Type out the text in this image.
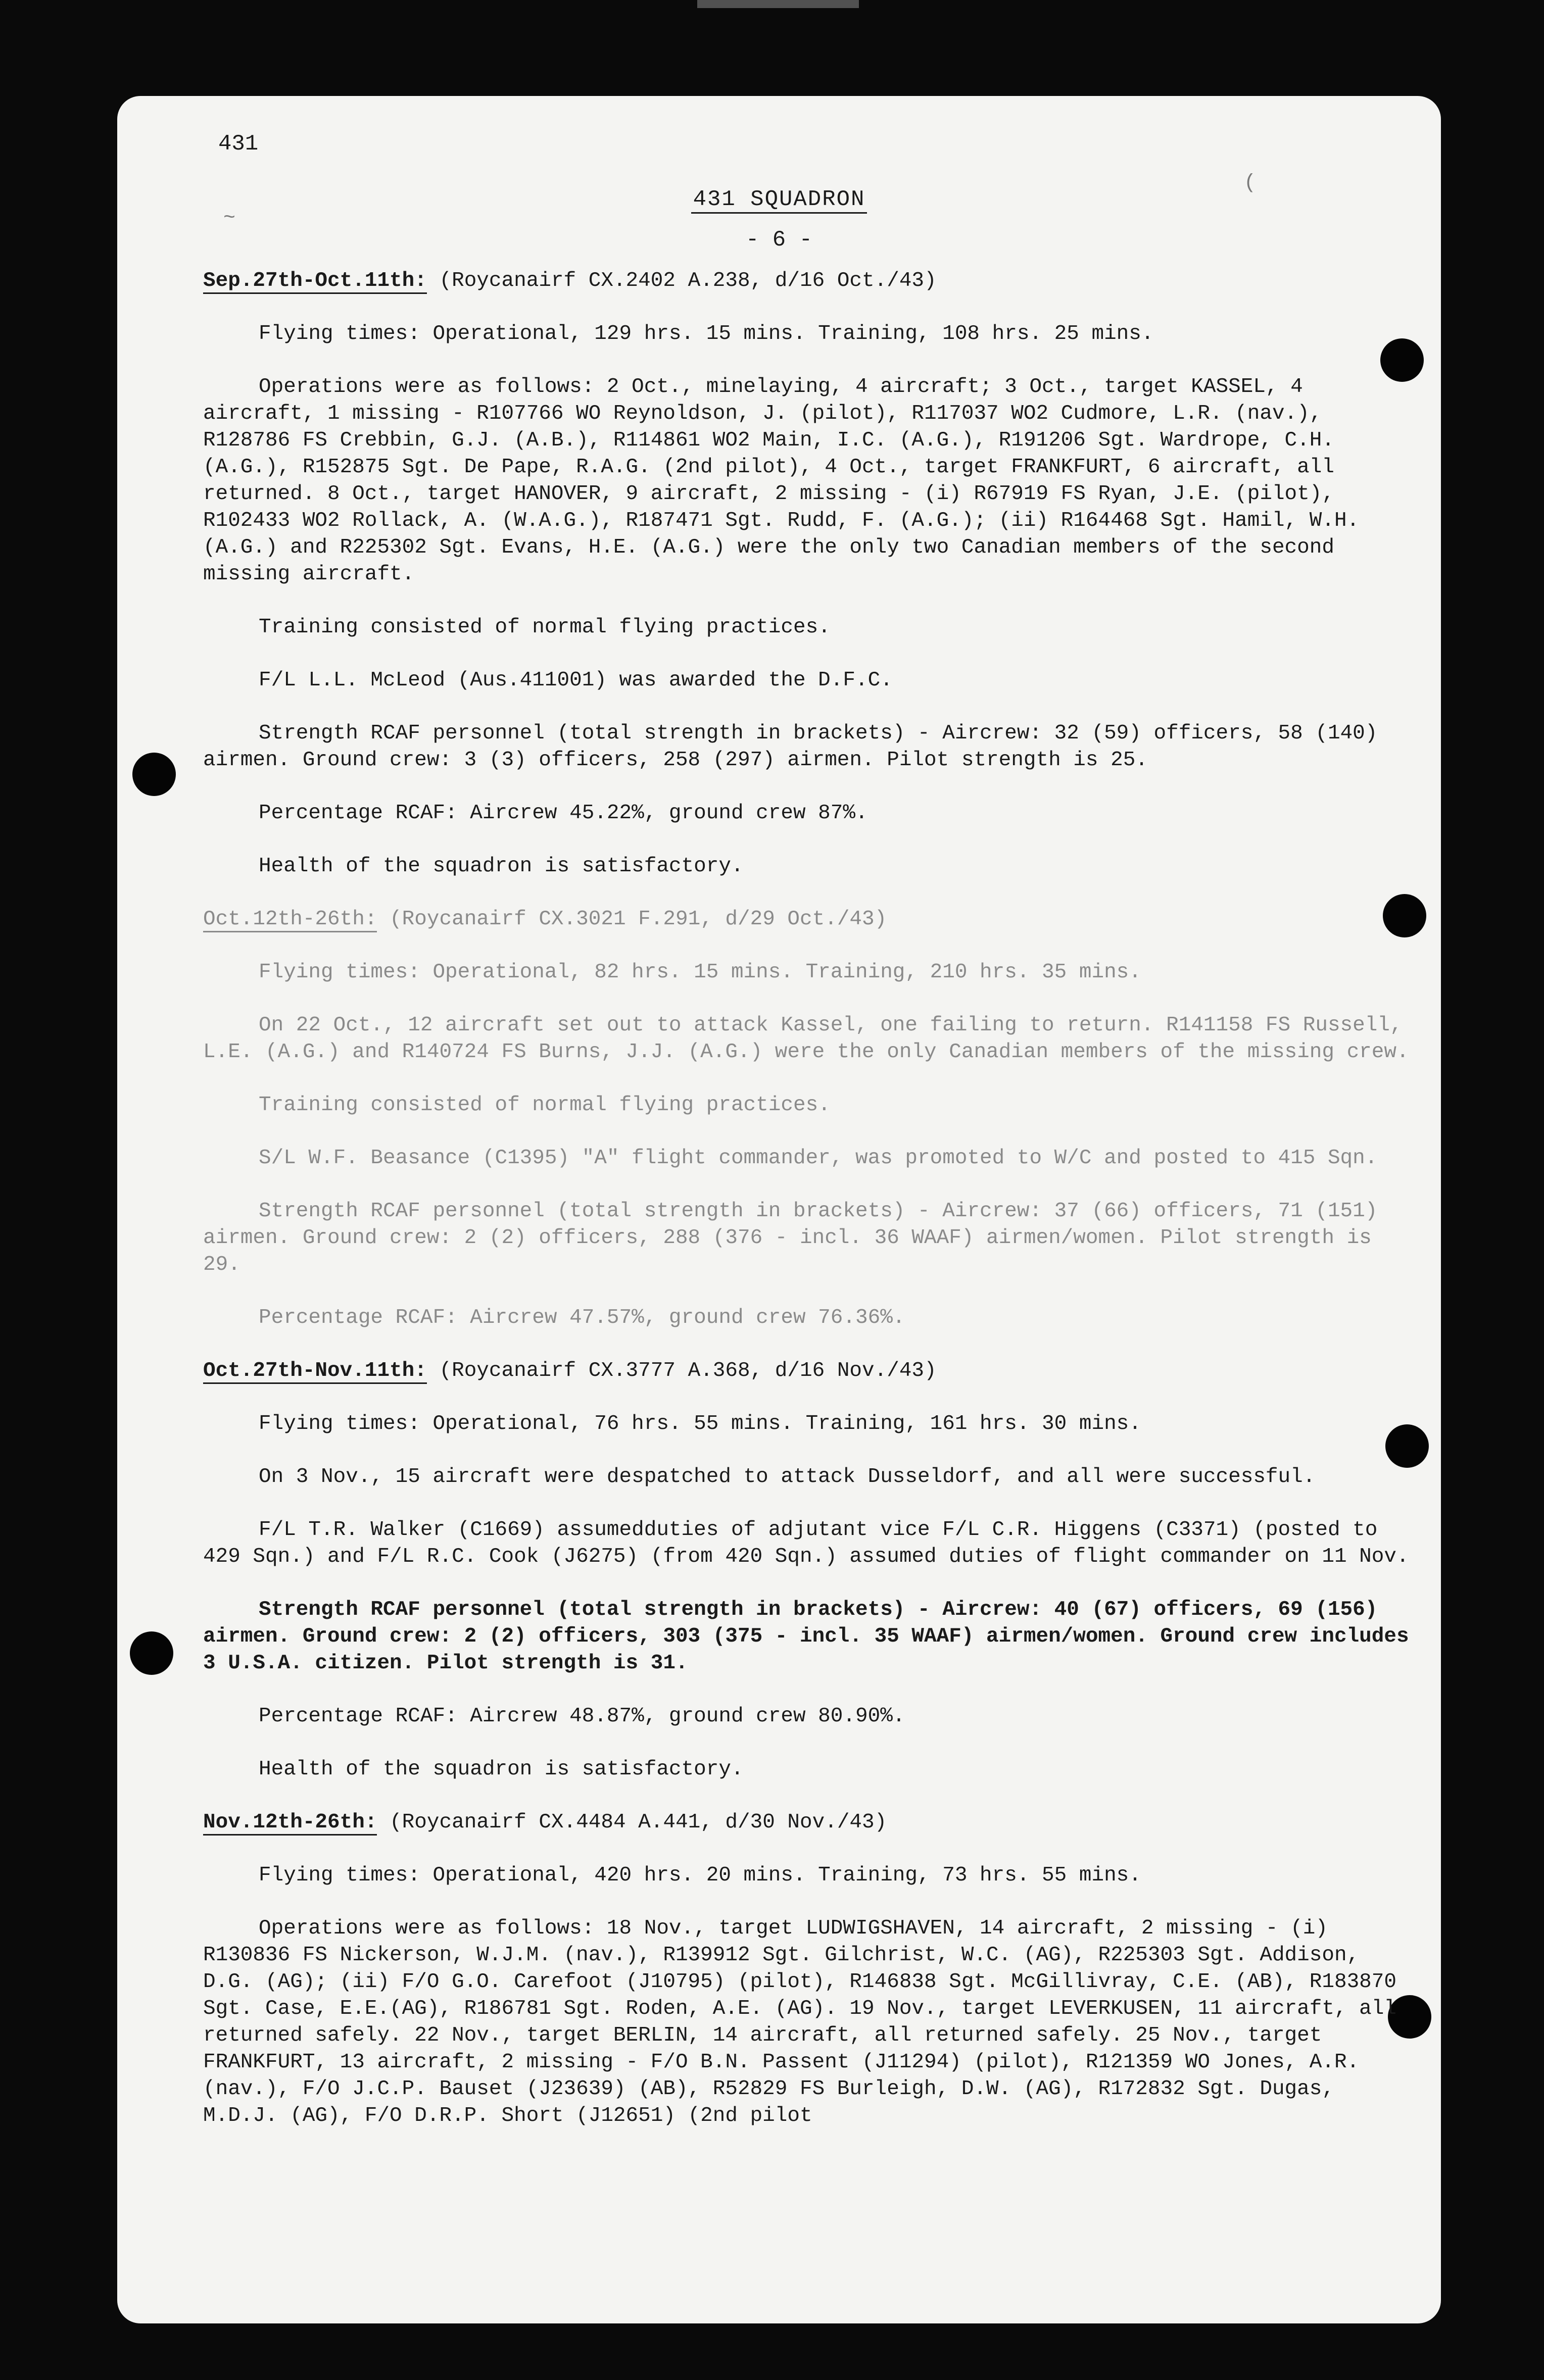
431
~
(
431 SQUADRON
- 6 -
Sep.27th-Oct.11th: (Roycanairf CX.2402 A.238, d/16 Oct./43)

Flying times: Operational, 129 hrs. 15 mins. Training, 108 hrs. 25 mins.

Operations were as follows: 2 Oct., minelaying, 4 aircraft; 3 Oct., target KASSEL, 4 aircraft, 1 missing - R107766 WO Reynoldson, J. (pilot), R117037 WO2 Cudmore, L.R. (nav.), R128786 FS Crebbin, G.J. (A.B.), R114861 WO2 Main, I.C. (A.G.), R191206 Sgt. Wardrope, C.H. (A.G.), R152875 Sgt. De Pape, R.A.G. (2nd pilot), 4 Oct., target FRANKFURT, 6 aircraft, all returned. 8 Oct., target HANOVER, 9 aircraft, 2 missing - (i) R67919 FS Ryan, J.E. (pilot), R102433 WO2 Rollack, A. (W.A.G.), R187471 Sgt. Rudd, F. (A.G.); (ii) R164468 Sgt. Hamil, W.H. (A.G.) and R225302 Sgt. Evans, H.E. (A.G.) were the only two Canadian members of the second missing aircraft.

Training consisted of normal flying practices.

F/L L.L. McLeod (Aus.411001) was awarded the D.F.C.

Strength RCAF personnel (total strength in brackets) - Aircrew: 32 (59) officers, 58 (140) airmen. Ground crew: 3 (3) officers, 258 (297) airmen. Pilot strength is 25.

Percentage RCAF: Aircrew 45.22%, ground crew 87%.

Health of the squadron is satisfactory.

Oct.12th-26th: (Roycanairf CX.3021 F.291, d/29 Oct./43)

Flying times: Operational, 82 hrs. 15 mins. Training, 210 hrs. 35 mins.

On 22 Oct., 12 aircraft set out to attack Kassel, one failing to return. R141158 FS Russell, L.E. (A.G.) and R140724 FS Burns, J.J. (A.G.) were the only Canadian members of the missing crew.

Training consisted of normal flying practices.

S/L W.F. Beasance (C1395) "A" flight commander, was promoted to W/C and posted to 415 Sqn.

Strength RCAF personnel (total strength in brackets) - Aircrew: 37 (66) officers, 71 (151) airmen. Ground crew: 2 (2) officers, 288 (376 - incl. 36 WAAF) airmen/women. Pilot strength is 29.

Percentage RCAF: Aircrew 47.57%, ground crew 76.36%.

Oct.27th-Nov.11th: (Roycanairf CX.3777 A.368, d/16 Nov./43)

Flying times: Operational, 76 hrs. 55 mins. Training, 161 hrs. 30 mins.

On 3 Nov., 15 aircraft were despatched to attack Dusseldorf, and all were successful.

F/L T.R. Walker (C1669) assumedduties of adjutant vice F/L C.R. Higgens (C3371) (posted to 429 Sqn.) and F/L R.C. Cook (J6275) (from 420 Sqn.) assumed duties of flight commander on 11 Nov.

Strength RCAF personnel (total strength in brackets) - Aircrew: 40 (67) officers, 69 (156) airmen. Ground crew: 2 (2) officers, 303 (375 - incl. 35 WAAF) airmen/women. Ground crew includes 3 U.S.A. citizen. Pilot strength is 31.

Percentage RCAF: Aircrew 48.87%, ground crew 80.90%.

Health of the squadron is satisfactory.

Nov.12th-26th: (Roycanairf CX.4484 A.441, d/30 Nov./43)

Flying times: Operational, 420 hrs. 20 mins. Training, 73 hrs. 55 mins.

Operations were as follows: 18 Nov., target LUDWIGSHAVEN, 14 aircraft, 2 missing - (i) R130836 FS Nickerson, W.J.M. (nav.), R139912 Sgt. Gilchrist, W.C. (AG), R225303 Sgt. Addison, D.G. (AG); (ii) F/O G.O. Carefoot (J10795) (pilot), R146838 Sgt. McGillivray, C.E. (AB), R183870 Sgt. Case, E.E.(AG), R186781 Sgt. Roden, A.E. (AG). 19 Nov., target LEVERKUSEN, 11 aircraft, all returned safely. 22 Nov., target BERLIN, 14 aircraft, all returned safely. 25 Nov., target FRANKFURT, 13 aircraft, 2 missing - F/O B.N. Passent (J11294) (pilot), R121359 WO Jones, A.R. (nav.), F/O J.C.P. Bauset (J23639) (AB), R52829 FS Burleigh, D.W. (AG), R172832 Sgt. Dugas, M.D.J. (AG), F/O D.R.P. Short (J12651) (2nd pilot
